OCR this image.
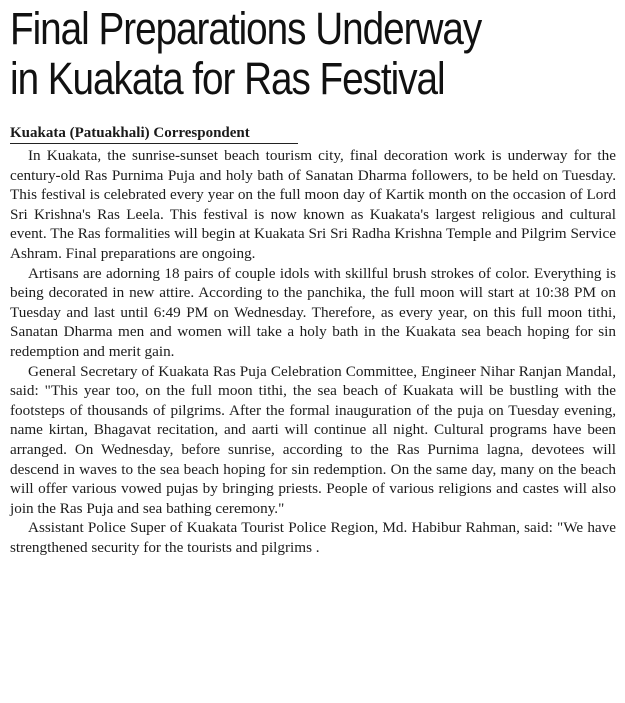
Final Preparations Underway
in Kuakata for Ras Festival
Kuakata (Patuakhali) Correspondent

In Kuakata, the sunrise-sunset beach tourism city, final decoration work is underway for the century-old Ras Purnima Puja and holy bath of Sanatan Dharma followers, to be held on Tuesday. This festival is celebrated every year on the full moon day of Kartik month on the occasion of Lord Sri Krishna's Ras Leela. This festival is now known as Kuakata's largest religious and cultural event. The Ras formalities will begin at Kuakata Sri Sri Radha Krishna Temple and Pilgrim Service Ashram. Final preparations are ongoing.

Artisans are adorning 18 pairs of couple idols with skillful brush strokes of color. Everything is being decorated in new attire. According to the panchika, the full moon will start at 10:38 PM on Tuesday and last until 6:49 PM on Wednesday. Therefore, as every year, on this full moon tithi, Sanatan Dharma men and women will take a holy bath in the Kuakata sea beach hoping for sin redemption and merit gain.

General Secretary of Kuakata Ras Puja Celebration Committee, Engineer Nihar Ranjan Mandal, said: "This year too, on the full moon tithi, the sea beach of Kuakata will be bustling with the footsteps of thousands of pilgrims. After the formal inauguration of the puja on Tuesday evening, name kirtan, Bhagavat recitation, and aarti will continue all night. Cultural programs have been arranged. On Wednesday, before sunrise, according to the Ras Purnima lagna, devotees will descend in waves to the sea beach hoping for sin redemption. On the same day, many on the beach will offer various vowed pujas by bringing priests. People of various religions and castes will also join the Ras Puja and sea bathing ceremony."

Assistant Police Super of Kuakata Tourist Police Region, Md. Habibur Rahman, said: "We have strengthened security for the tourists and pilgrims .
